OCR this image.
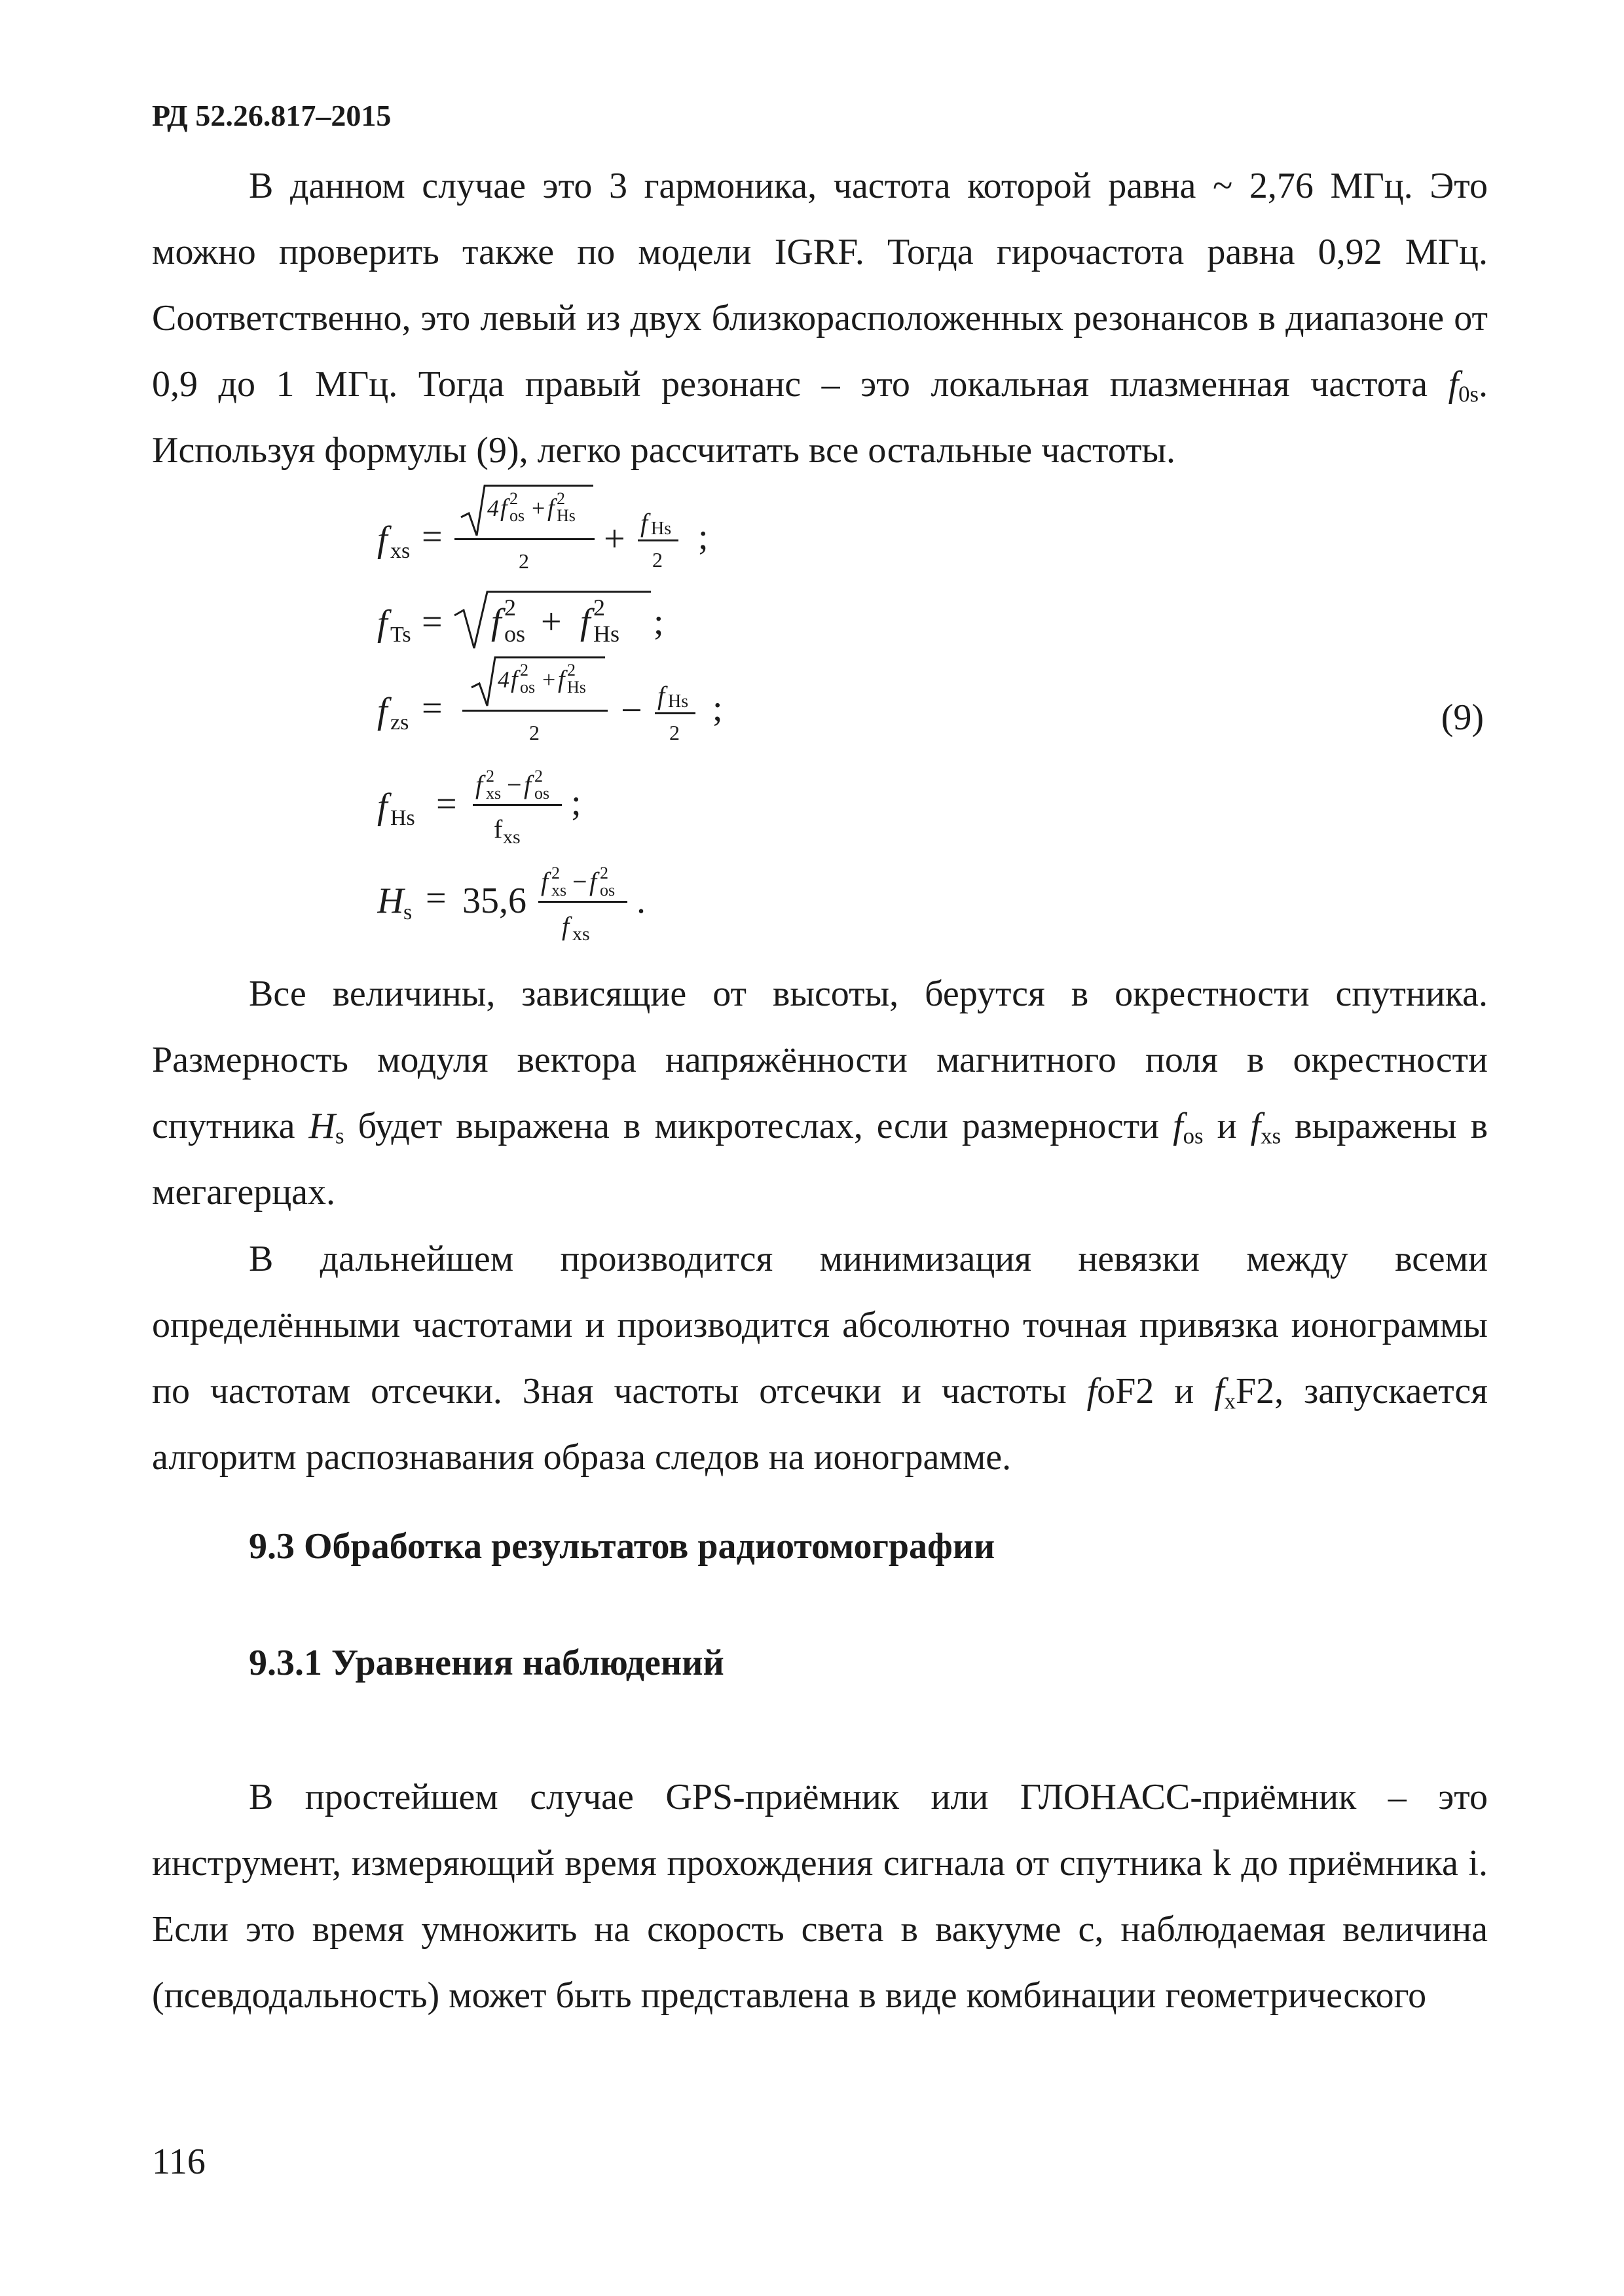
РД 52.26.817–2015

В данном случае это 3 гармоника, частота которой равна ~ 2,76 МГц. Это можно проверить также по модели IGRF. Тогда гирочастота равна 0,92 МГц. Соответственно, это левый из двух близкорасположенных резонансов в диапазоне от 0,9 до 1 МГц. Тогда правый резонанс – это локальная плазменная частота $f_{0s}$. Используя формулы (9), легко рассчитать все остальные частоты.

f xs =
4 f 2
os + f 2
Hs
2
+ f Hs
2
;
f Ts = f 2
os + f 2
Hs ;
f zs =
4 f 2
os + f 2
Hs
2
− f Hs
2
;
f Hs = f 2
xs − f 2
os
f xs
;
H s = 35,6 f 2
xs − f 2
os
f xs
.
(9)

Все величины, зависящие от высоты, берутся в окрестности спутника. Размерность модуля вектора напряжённости магнитного поля в окрестности спутника $H_s$ будет выражена в микротеслах, если размерности $f_{os}$ и $f_{xs}$ выражены в мегагерцах.

В дальнейшем производится минимизация невязки между всеми определёнными частотами и производится абсолютно точная привязка ионограммы по частотам отсечки. Зная частоты отсечки и частоты foF2 и $f_xF2$, запускается алгоритм распознавания образа следов на ионограмме.

9.3 Обработка результатов радиотомографии
9.3.1 Уравнения наблюдений

В простейшем случае GPS-приёмник или ГЛОНАСС-приёмник – это инструмент, измеряющий время прохождения сигнала от спутника k до приёмника i. Если это время умножить на скорость света в вакууме с, наблюдаемая величина (псевдодальность) может быть представлена в виде комбинации геометрического

116
